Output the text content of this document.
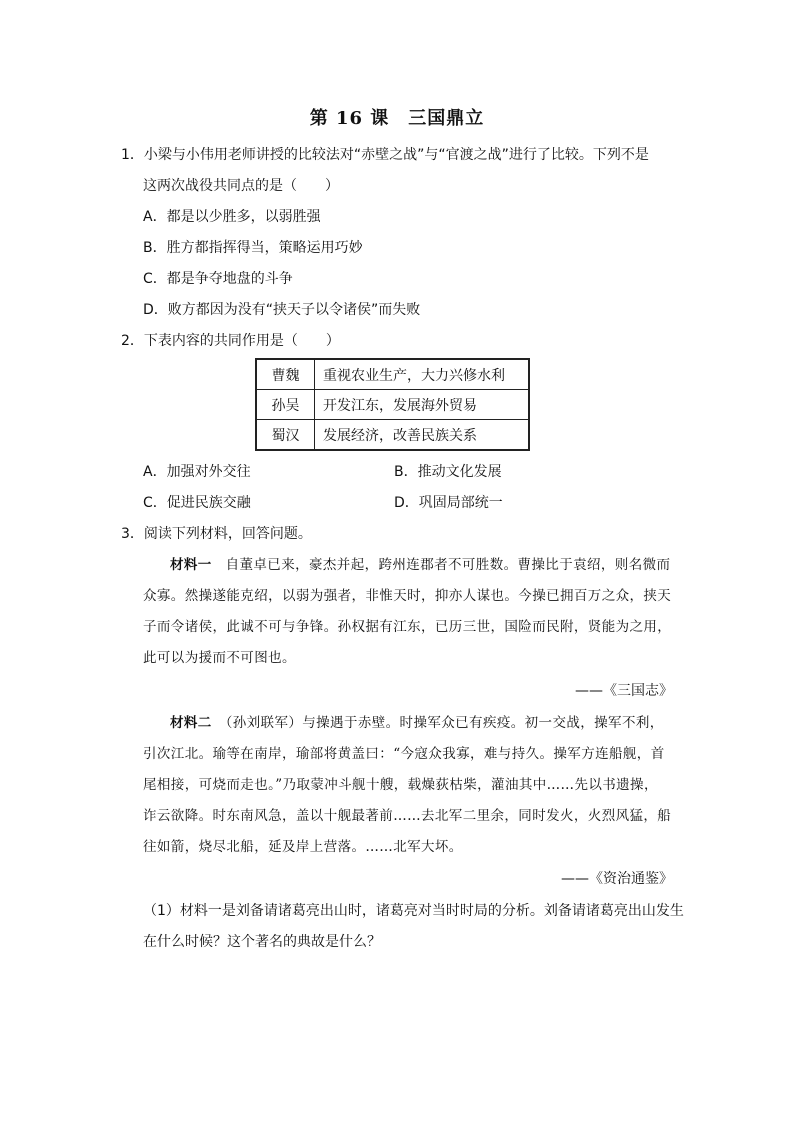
第 16 课　三国鼎立
1．小梁与小伟用老师讲授的比较法对“赤壁之战”与“官渡之战”进行了比较。下列不是
这两次战役共同点的是（　　）
A．都是以少胜多，以弱胜强
B．胜方都指挥得当，策略运用巧妙
C．都是争夺地盘的斗争
D．败方都因为没有“挟天子以令诸侯”而失败
2．下表内容的共同作用是（　　）
曹魏	重视农业生产，大力兴修水利
孙吴	开发江东，发展海外贸易
蜀汉	发展经济，改善民族关系
A．加强对外交往	B．推动文化发展
C．促进民族交融	D．巩固局部统一
3．阅读下列材料，回答问题。
材料一　 自董卓已来，豪杰并起，跨州连郡者不可胜数。曹操比于袁绍，则名微而
众寡。然操遂能克绍，以弱为强者，非惟天时，抑亦人谋也。今操已拥百万之众，挟天
子而令诸侯，此诚不可与争锋。孙权据有江东，已历三世，国险而民附，贤能为之用，
此可以为援而不可图也。
——《三国志》
材料二　 （孙刘联军）与操遇于赤壁。时操军众已有疾疫。初一交战，操军不利，
引次江北。瑜等在南岸，瑜部将黄盖曰：“今寇众我寡，难与持久。操军方连船舰，首
尾相接，可烧而走也。”乃取蒙冲斗舰十艘，载燥荻枯柴，灌油其中……先以书遗操，
诈云欲降。时东南风急，盖以十舰最著前……去北军二里余，同时发火，火烈风猛，船
往如箭，烧尽北船，延及岸上营落。……北军大坏。
——《资治通鉴》
（1）材料一是刘备请诸葛亮出山时，诸葛亮对当时时局的分析。刘备请诸葛亮出山发生
在什么时候？这个著名的典故是什么？
